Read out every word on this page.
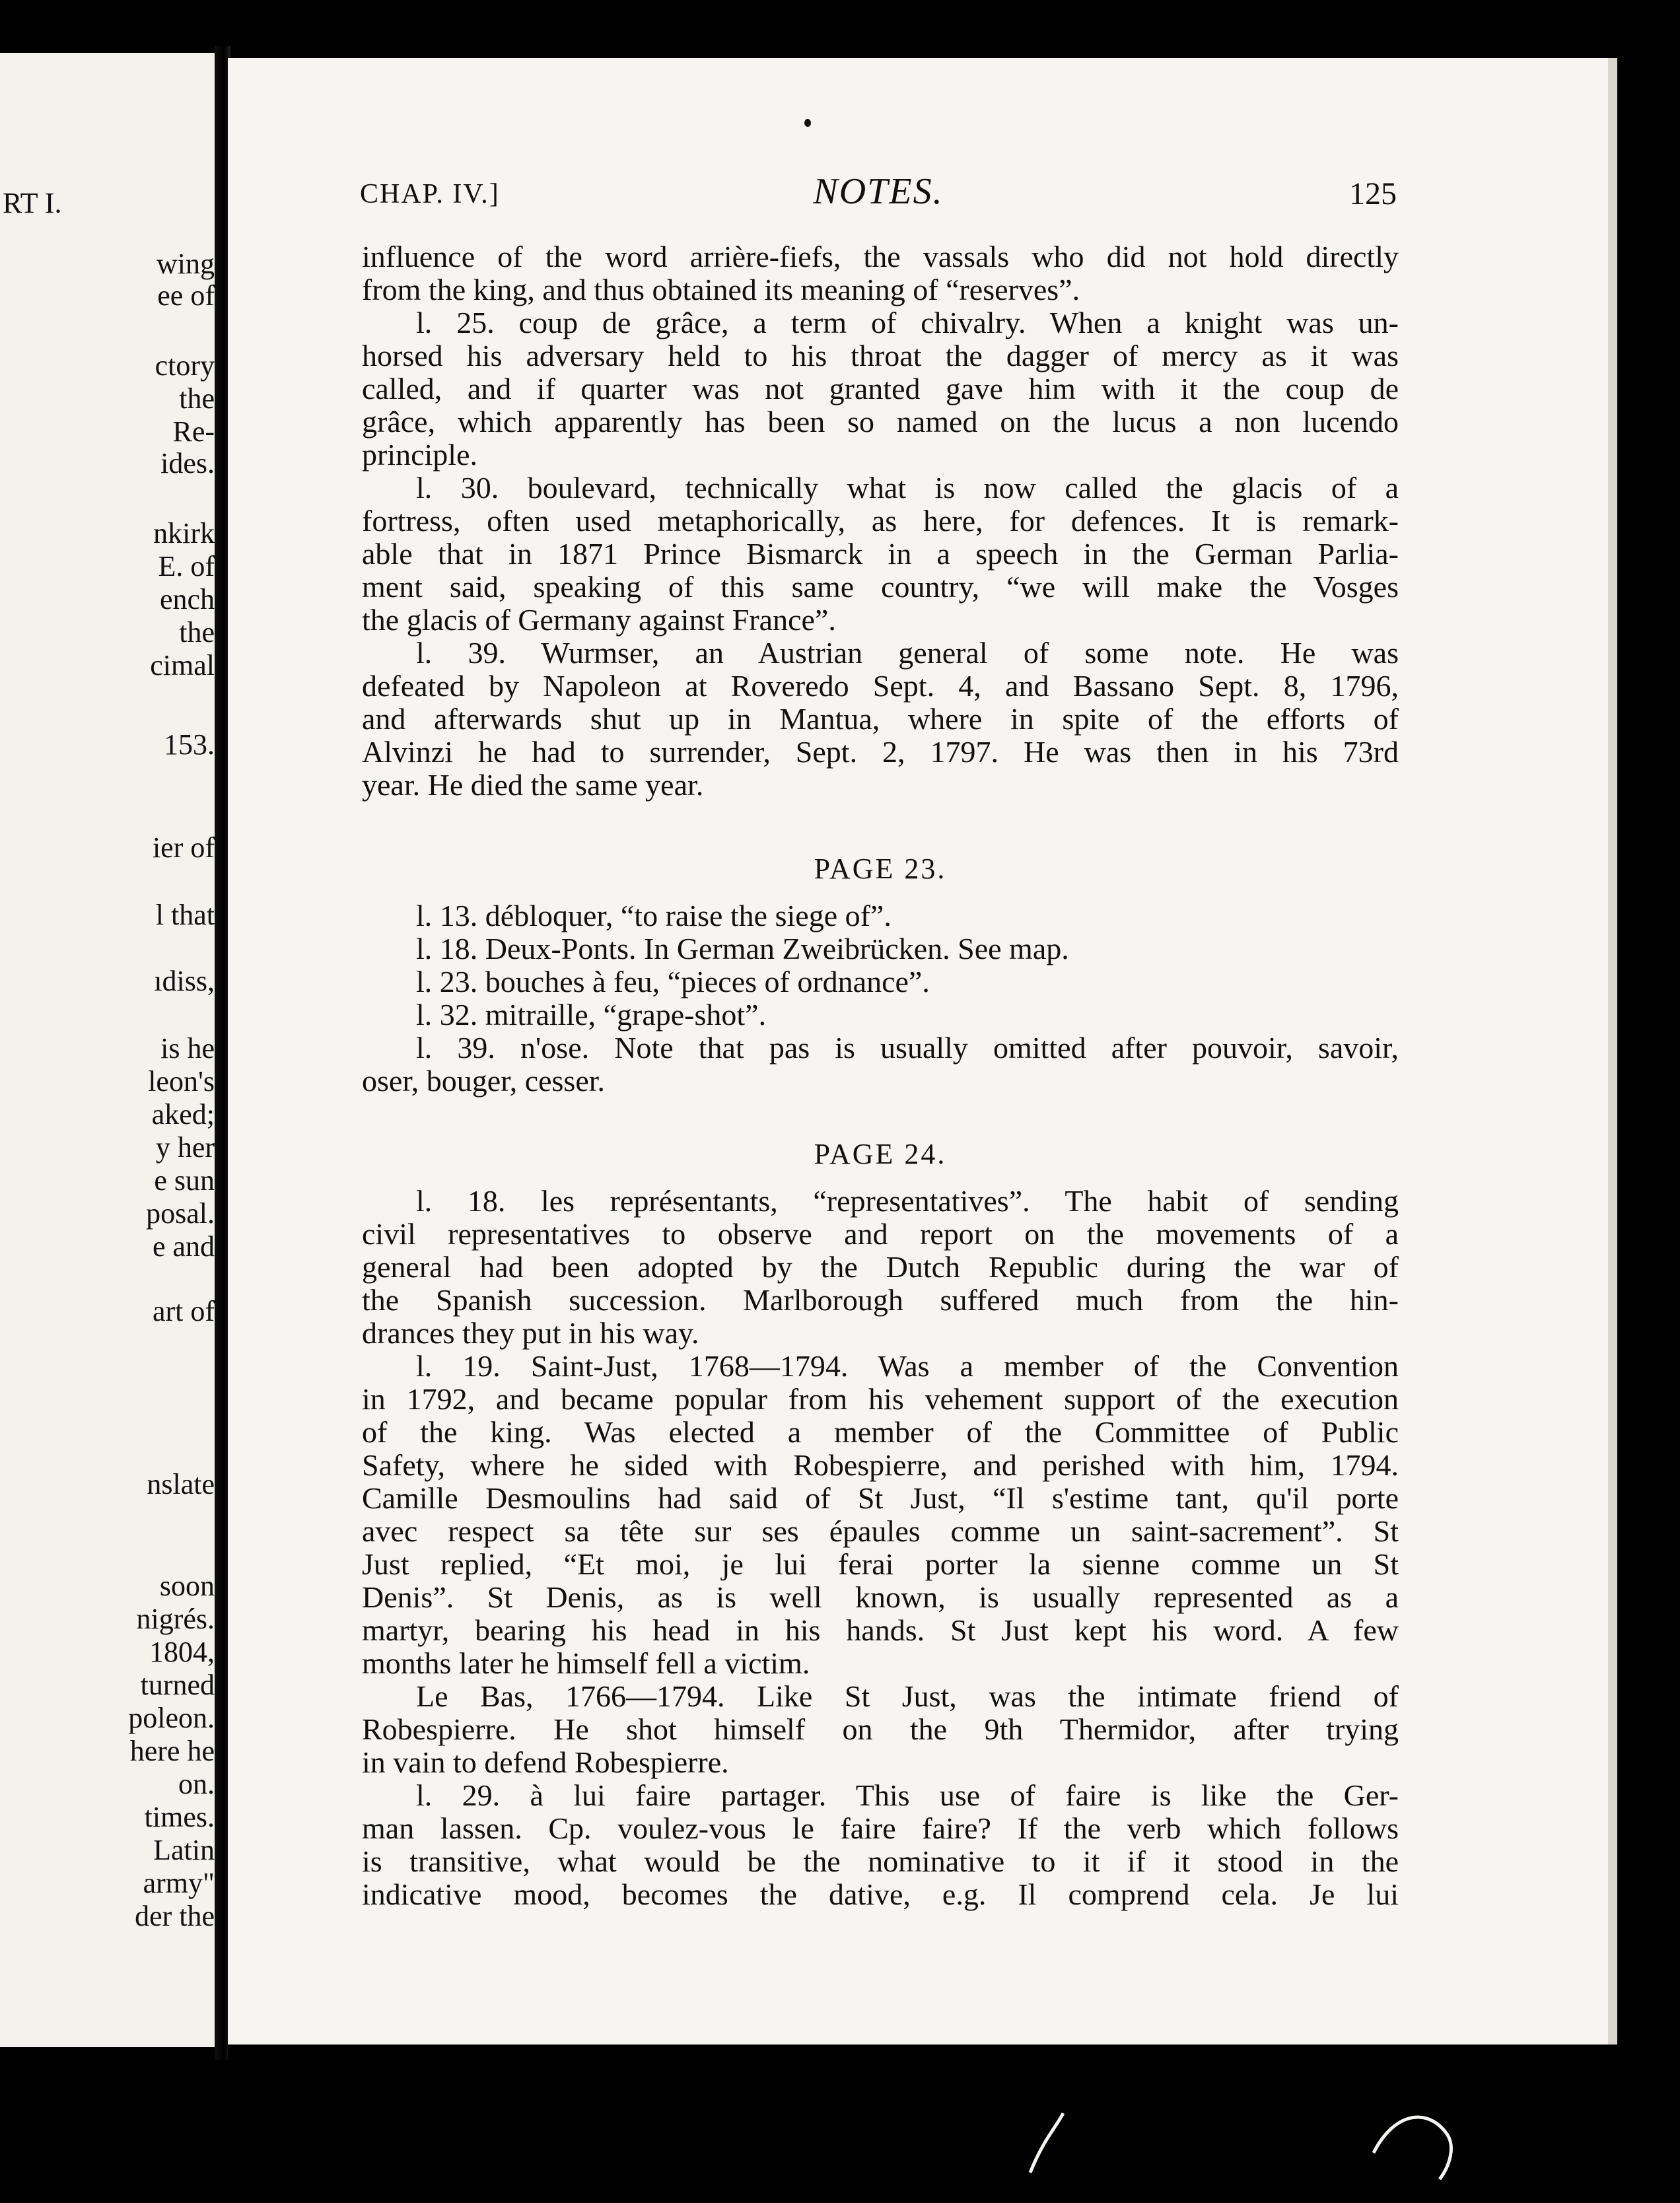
RT I.
wing
ee of
ctory
the
Re-
ides.
nkirk
E. of
ench
the
cimal
153.
ier of
l that
ıdiss,
is he
leon's
aked;
y her
e sun
posal.
e and
art of
nslate
soon
nigrés.
1804,
turned
poleon.
here he
on.
times.
Latin
army"
der the
CHAP. IV.]	NOTES.	125
influence of the word arrière-fiefs, the vassals who did not hold directly
from the king, and thus obtained its meaning of “reserves”.
l. 25. coup de grâce, a term of chivalry. When a knight was un-
horsed his adversary held to his throat the dagger of mercy as it was
called, and if quarter was not granted gave him with it the coup de
grâce, which apparently has been so named on the lucus a non lucendo
principle.
l. 30. boulevard, technically what is now called the glacis of a
fortress, often used metaphorically, as here, for defences. It is remark-
able that in 1871 Prince Bismarck in a speech in the German Parlia-
ment said, speaking of this same country, “we will make the Vosges
the glacis of Germany against France”.
l. 39. Wurmser, an Austrian general of some note. He was
defeated by Napoleon at Roveredo Sept. 4, and Bassano Sept. 8, 1796,
and afterwards shut up in Mantua, where in spite of the efforts of
Alvinzi he had to surrender, Sept. 2, 1797. He was then in his 73rd
year. He died the same year.
PAGE 23.
l. 13. débloquer, “to raise the siege of”.
l. 18. Deux-Ponts. In German Zweibrücken. See map.
l. 23. bouches à feu, “pieces of ordnance”.
l. 32. mitraille, “grape-shot”.
l. 39. n'ose. Note that pas is usually omitted after pouvoir, savoir,
oser, bouger, cesser.
PAGE 24.
l. 18. les représentants, “representatives”. The habit of sending
civil representatives to observe and report on the movements of a
general had been adopted by the Dutch Republic during the war of
the Spanish succession. Marlborough suffered much from the hin-
drances they put in his way.
l. 19. Saint-Just, 1768—1794. Was a member of the Convention
in 1792, and became popular from his vehement support of the execution
of the king. Was elected a member of the Committee of Public
Safety, where he sided with Robespierre, and perished with him, 1794.
Camille Desmoulins had said of St Just, “Il s'estime tant, qu'il porte
avec respect sa tête sur ses épaules comme un saint-sacrement”. St
Just replied, “Et moi, je lui ferai porter la sienne comme un St
Denis”. St Denis, as is well known, is usually represented as a
martyr, bearing his head in his hands. St Just kept his word. A few
months later he himself fell a victim.
Le Bas, 1766—1794. Like St Just, was the intimate friend of
Robespierre. He shot himself on the 9th Thermidor, after trying
in vain to defend Robespierre.
l. 29. à lui faire partager. This use of faire is like the Ger-
man lassen. Cp. voulez-vous le faire faire? If the verb which follows
is transitive, what would be the nominative to it if it stood in the
indicative mood, becomes the dative, e.g. Il comprend cela. Je lui
